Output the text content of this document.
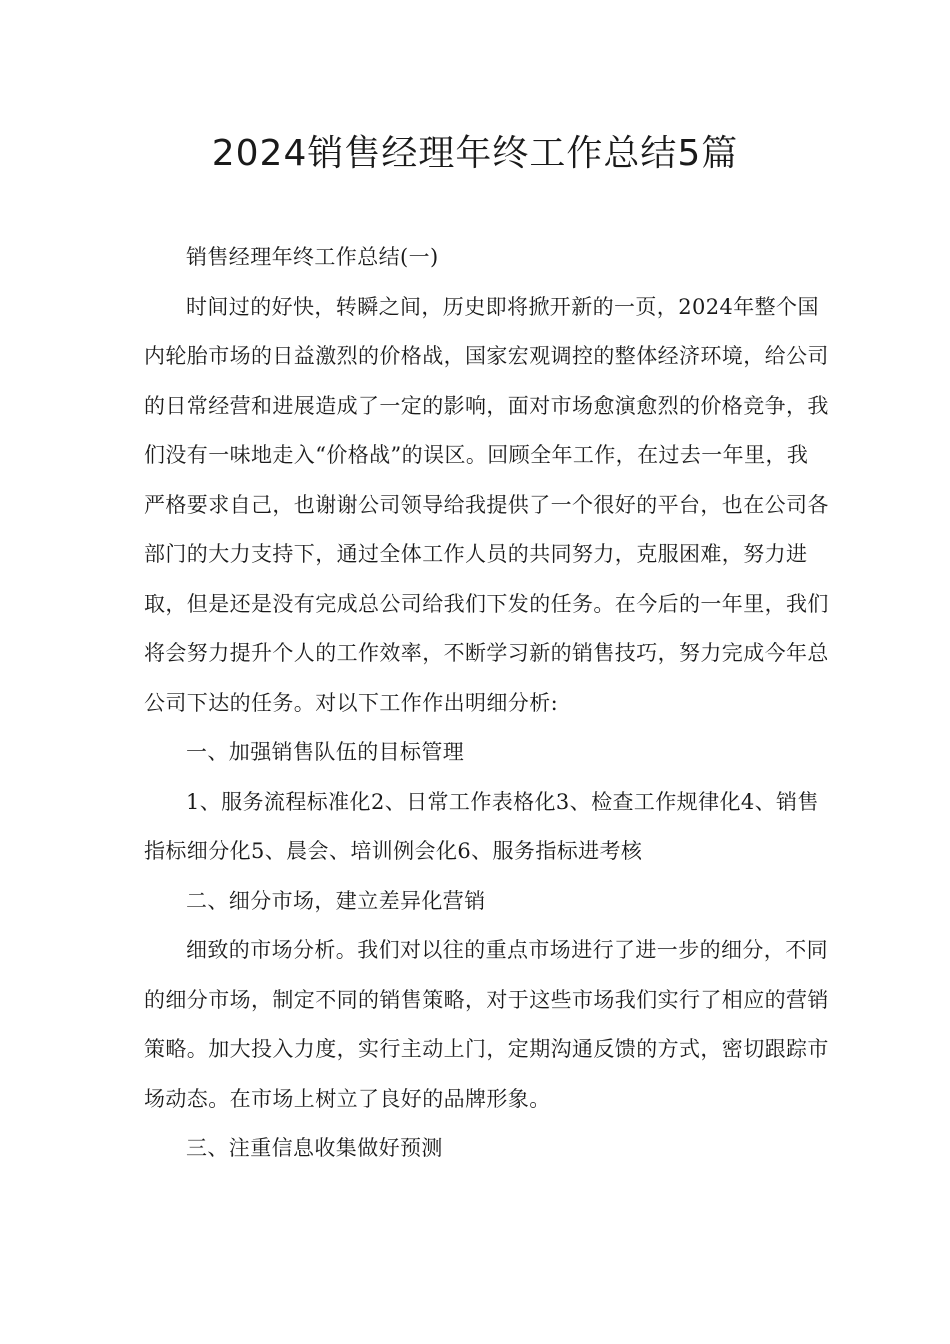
2024销售经理年终工作总结5篇

销售经理年终工作总结(一)

时间过的好快，转瞬之间，历史即将掀开新的一页，2024年整个国内轮胎市场的日益激烈的价格战，国家宏观调控的整体经济环境，给公司的日常经营和进展造成了一定的影响，面对市场愈演愈烈的价格竞争，我们没有一味地走入“价格战”的误区。回顾全年工作，在过去一年里，我严格要求自己，也谢谢公司领导给我提供了一个很好的平台，也在公司各部门的大力支持下，通过全体工作人员的共同努力，克服困难，努力进取，但是还是没有完成总公司给我们下发的任务。在今后的一年里，我们将会努力提升个人的工作效率，不断学习新的销售技巧，努力完成今年总公司下达的任务。对以下工作作出明细分析:

一、加强销售队伍的目标管理

1、服务流程标准化2、日常工作表格化3、检查工作规律化4、销售指标细分化5、晨会、培训例会化6、服务指标进考核

二、细分市场，建立差异化营销

细致的市场分析。我们对以往的重点市场进行了进一步的细分，不同的细分市场，制定不同的销售策略，对于这些市场我们实行了相应的营销策略。加大投入力度，实行主动上门，定期沟通反馈的方式，密切跟踪市场动态。在市场上树立了良好的品牌形象。

三、注重信息收集做好预测
